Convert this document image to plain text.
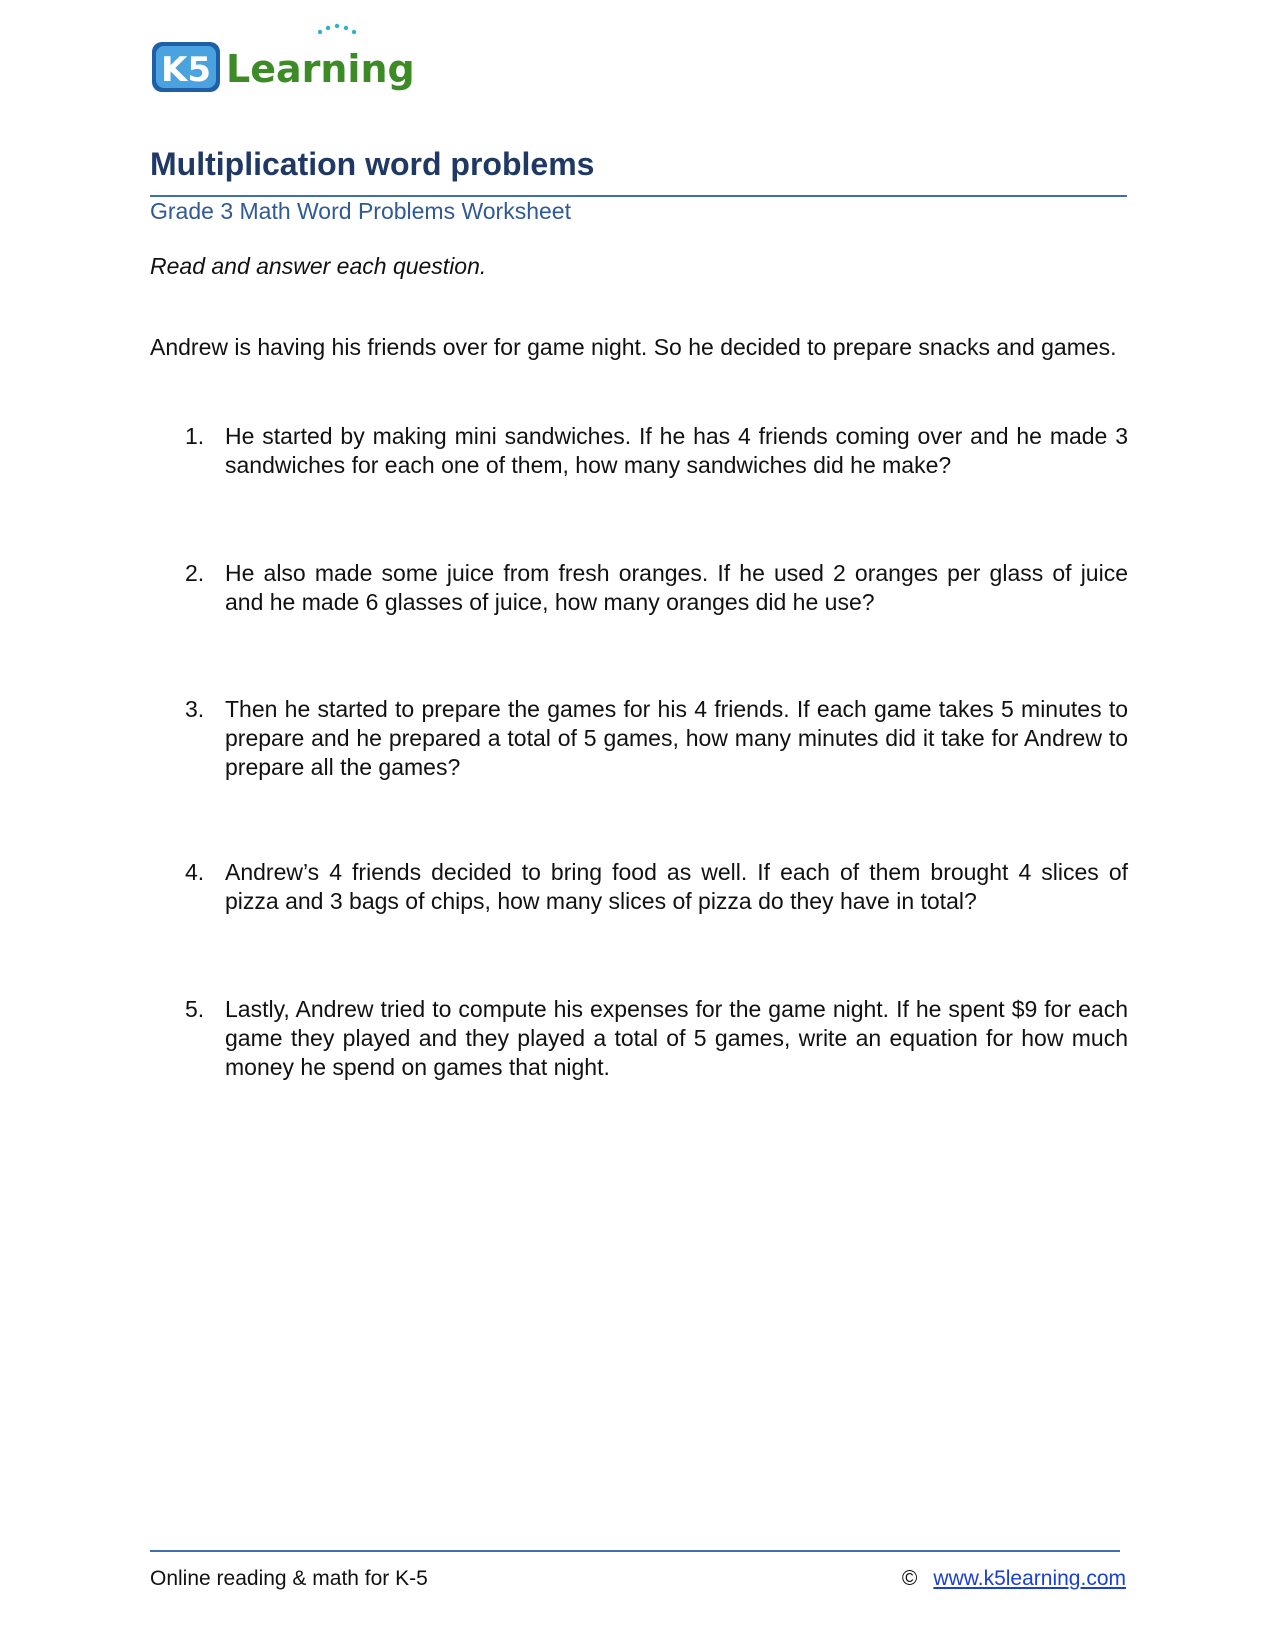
K5 Learning
Multiplication word problems
Grade 3 Math Word Problems Worksheet
Read and answer each question.
Andrew is having his friends over for game night. So he decided to prepare snacks and games.
1. He started by making mini sandwiches. If he has 4 friends coming over and he made 3 sandwiches for each one of them, how many sandwiches did he make?
2. He also made some juice from fresh oranges. If he used 2 oranges per glass of juice and he made 6 glasses of juice, how many oranges did he use?
3. Then he started to prepare the games for his 4 friends. If each game takes 5 minutes to prepare and he prepared a total of 5 games, how many minutes did it take for Andrew to prepare all the games?
4. Andrew’s 4 friends decided to bring food as well. If each of them brought 4 slices of pizza and 3 bags of chips, how many slices of pizza do they have in total?
5. Lastly, Andrew tried to compute his expenses for the game night. If he spent $9 for each game they played and they played a total of 5 games, write an equation for how much money he spend on games that night.
Online reading & math for K-5	© www.k5learning.com
